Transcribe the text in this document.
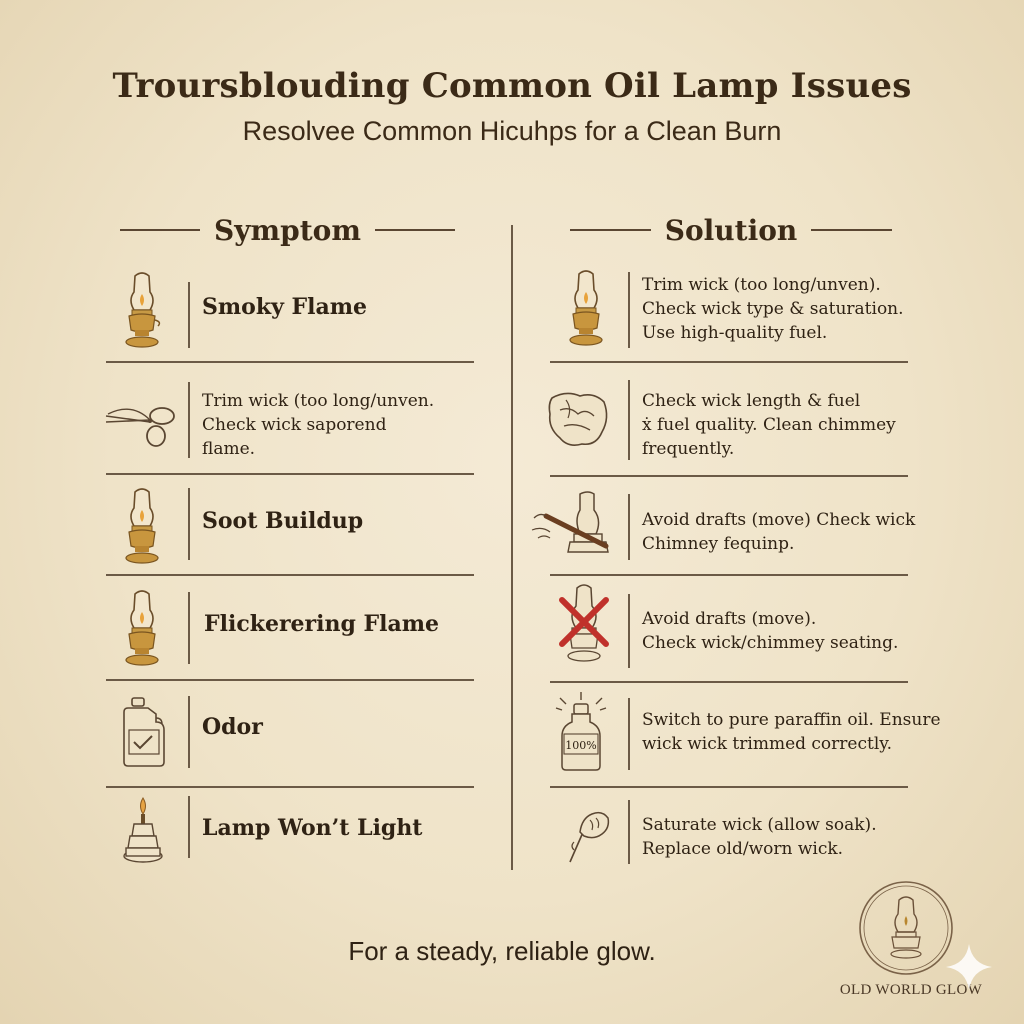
Troursblouding Common Oil Lamp Issues
Resolvee Common Hicuhps for a Clean Burn
Symptom	Solution
Smoky Flame
Trim wick (too long/unven.
Check wick saporend
flame.
Soot Buildup
Flickerering Flame
Odor
Lamp Won’t Light
100%
Trim wick (too long/unven).
Check wick type & saturation.
Use high-quality fuel.
Check wick length & fuel
ẋ fuel quality. Clean chimmey
frequently.
Avoid drafts (move) Check wick
Chimney fequinp.
Avoid drafts (move).
Check wick/chimmey seating.
Switch to pure paraffin oil. Ensure
wick wick trimmed correctly.
Saturate wick (allow soak).
Replace old/worn wick.
For a steady, reliable glow.
OLD WORLD GLOW
